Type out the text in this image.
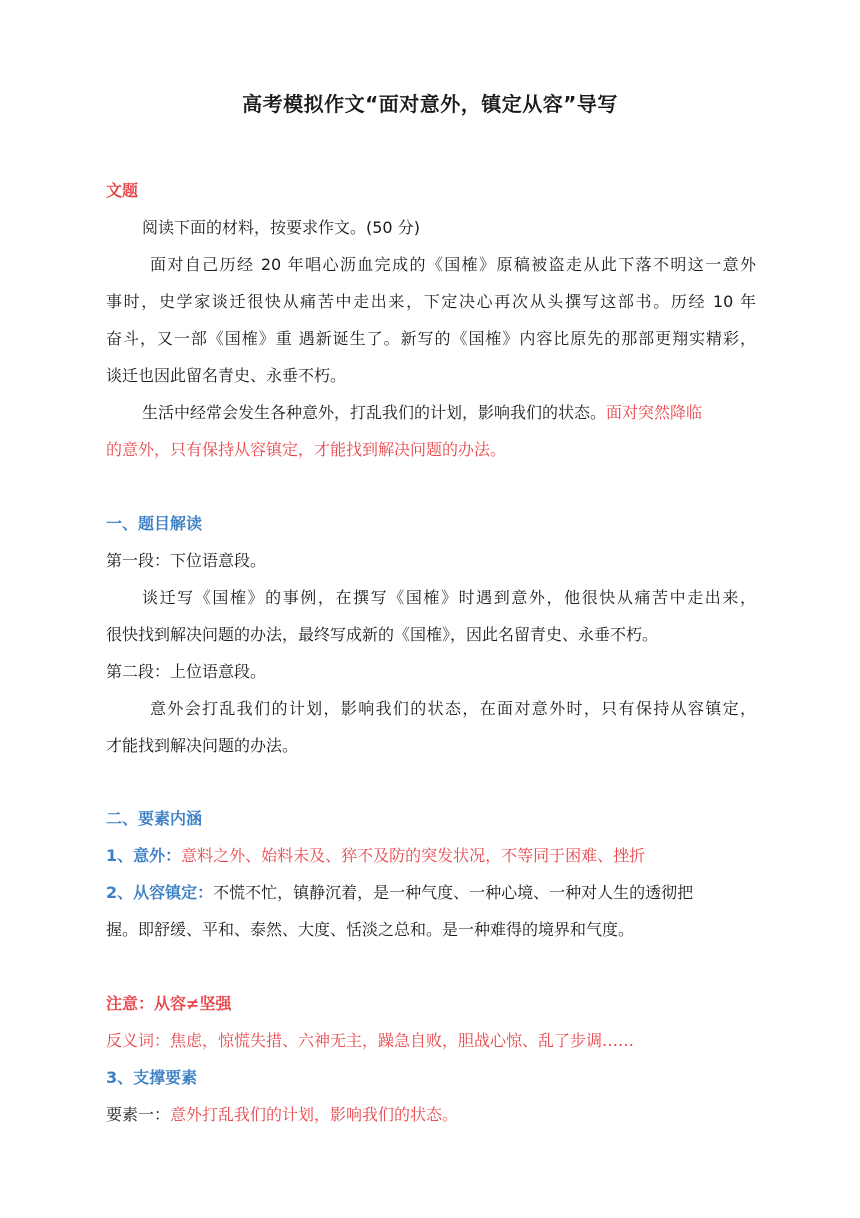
高考模拟作文“面对意外，镇定从容”导写
文题
阅读下面的材料，按要求作文。(50 分)
面对自己历经 20 年唱心沥血完成的《国榷》原稿被盗走从此下落不明这一意外
事时，史学家谈迁很快从痛苦中走出来，下定决心再次从头撰写这部书。历经 10 年
奋斗，又一部《国榷》重 遇新诞生了。新写的《国榷》内容比原先的那部更翔实精彩，
谈迁也因此留名青史、永垂不朽。
生活中经常会发生各种意外，打乱我们的计划，影响我们的状态。面对突然降临
的意外，只有保持从容镇定，才能找到解决问题的办法。
一、题目解读
第一段：下位语意段。
谈迁写《国榷》的事例，在撰写《国榷》时遇到意外，他很快从痛苦中走出来，
很快找到解决问题的办法，最终写成新的《国榷》，因此名留青史、永垂不朽。
第二段：上位语意段。
意外会打乱我们的计划，影响我们的状态，在面对意外时，只有保持从容镇定，
才能找到解决问题的办法。
二、要素内涵
1、意外：意料之外、始料未及、猝不及防的突发状况，不等同于困难、挫折
2、从容镇定：不慌不忙，镇静沉着，是一种气度、一种心境、一种对人生的透彻把
握。即舒缓、平和、泰然、大度、恬淡之总和。是一种难得的境界和气度。
注意：从容≠坚强
反义词：焦虑，惊慌失措、六神无主，躁急自败，胆战心惊、乱了步调……
3、支撑要素
要素一：意外打乱我们的计划，影响我们的状态。
